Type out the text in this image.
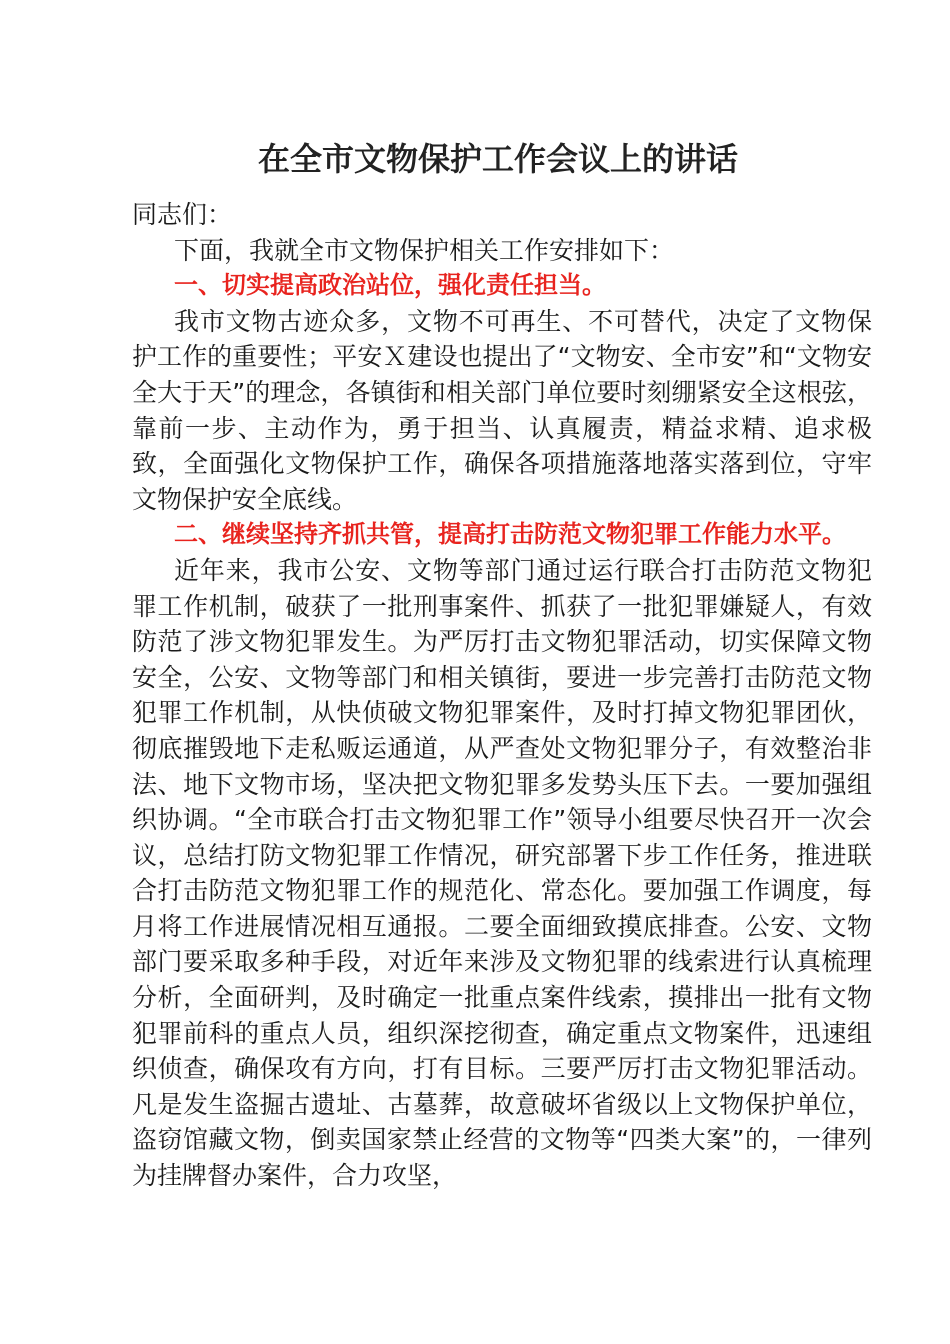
在全市文物保护工作会议上的讲话

同志们：

下面，我就全市文物保护相关工作安排如下：

一、切实提高政治站位，强化责任担当。

我市文物古迹众多，文物不可再生、不可替代，决定了文物保护工作的重要性；平安Ｘ建设也提出了“文物安、全市安”和“文物安全大于天”的理念，各镇街和相关部门单位要时刻绷紧安全这根弦，靠前一步、主动作为，勇于担当、认真履责，精益求精、追求极致，全面强化文物保护工作，确保各项措施落地落实落到位，守牢文物保护安全底线。

二、继续坚持齐抓共管，提高打击防范文物犯罪工作能力水平。

近年来，我市公安、文物等部门通过运行联合打击防范文物犯罪工作机制，破获了一批刑事案件、抓获了一批犯罪嫌疑人，有效防范了涉文物犯罪发生。为严厉打击文物犯罪活动，切实保障文物安全，公安、文物等部门和相关镇街，要进一步完善打击防范文物犯罪工作机制，从快侦破文物犯罪案件，及时打掉文物犯罪团伙，彻底摧毁地下走私贩运通道，从严查处文物犯罪分子，有效整治非法、地下文物市场，坚决把文物犯罪多发势头压下去。一要加强组织协调。“全市联合打击文物犯罪工作”领导小组要尽快召开一次会议，总结打防文物犯罪工作情况，研究部署下步工作任务，推进联合打击防范文物犯罪工作的规范化、常态化。要加强工作调度，每月将工作进展情况相互通报。二要全面细致摸底排查。公安、文物部门要采取多种手段，对近年来涉及文物犯罪的线索进行认真梳理分析，全面研判，及时确定一批重点案件线索，摸排出一批有文物犯罪前科的重点人员，组织深挖彻查，确定重点文物案件，迅速组织侦查，确保攻有方向，打有目标。三要严厉打击文物犯罪活动。凡是发生盗掘古遗址、古墓葬，故意破坏省级以上文物保护单位，盗窃馆藏文物，倒卖国家禁止经营的文物等“四类大案”的，一律列为挂牌督办案件，合力攻坚，
